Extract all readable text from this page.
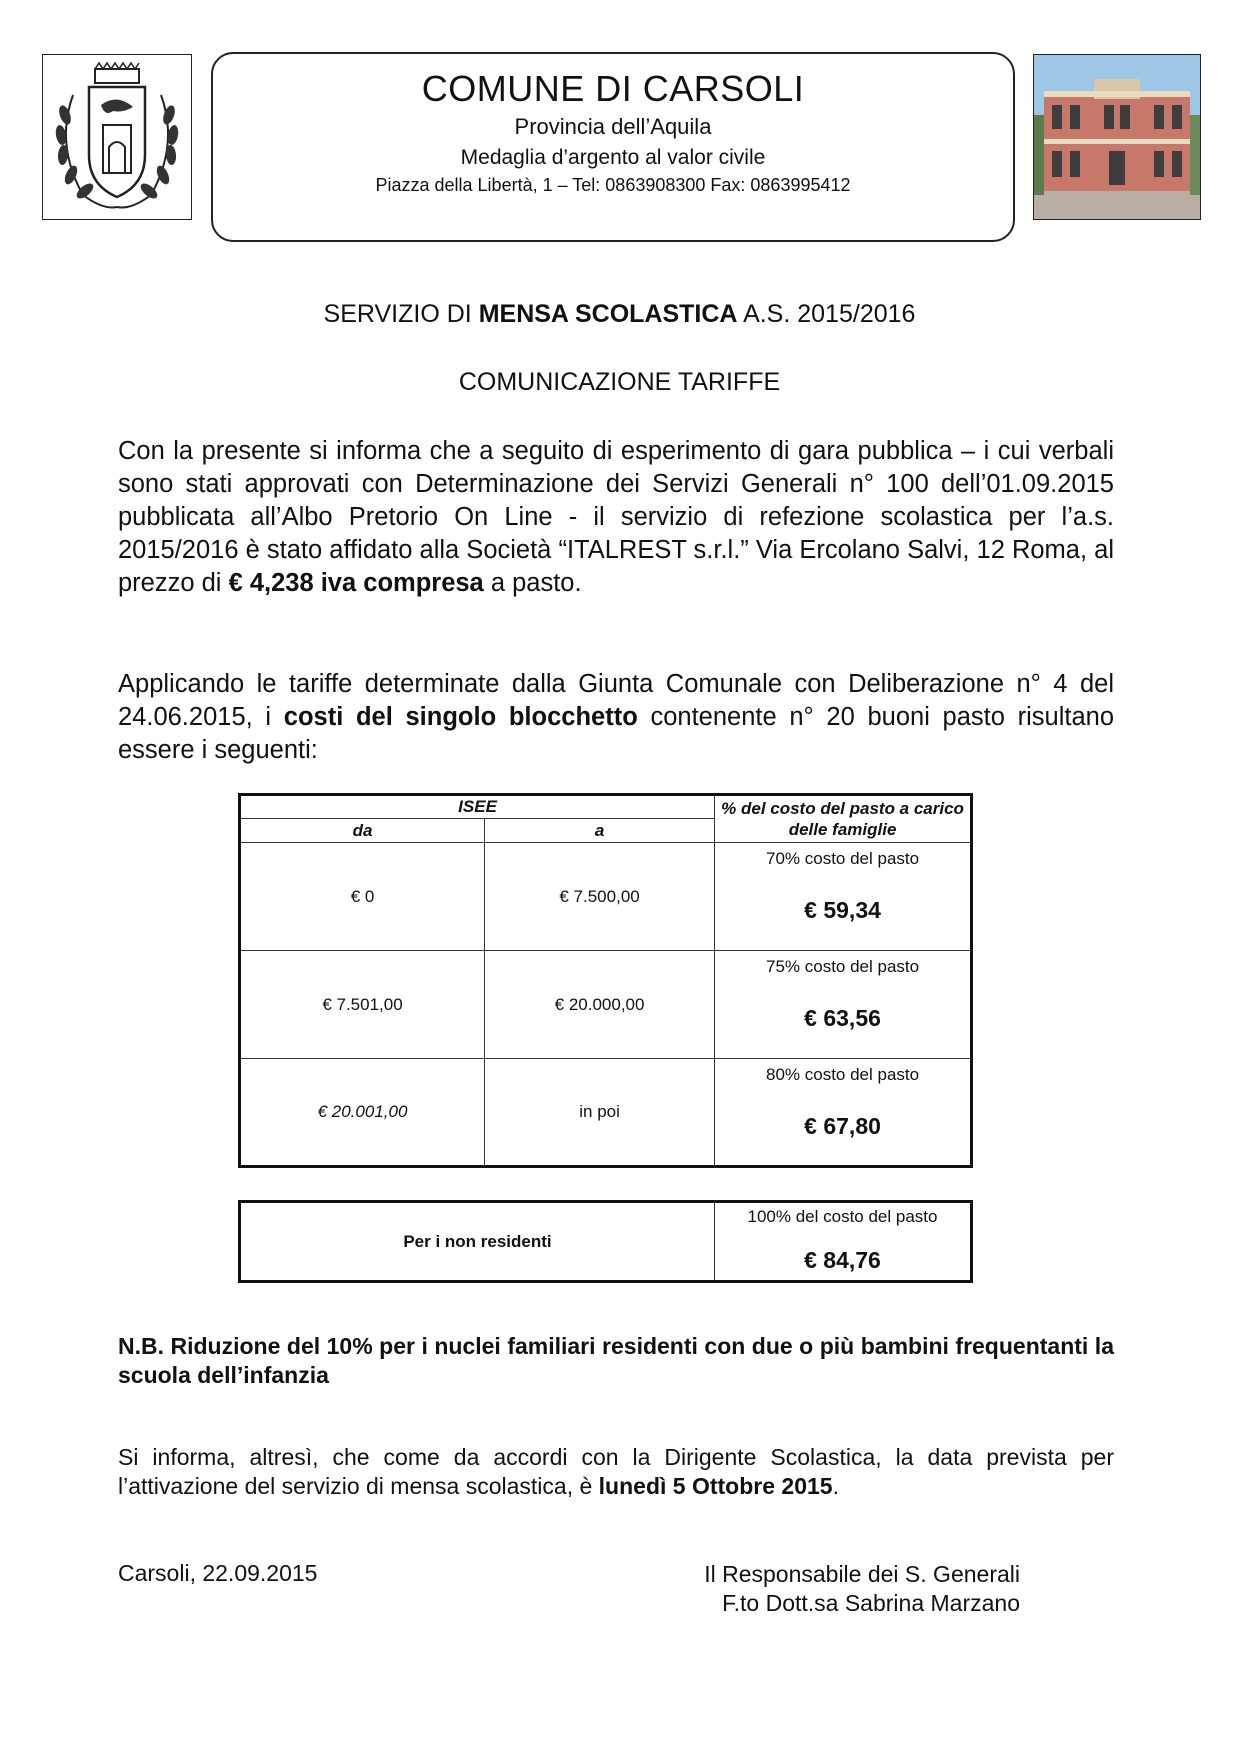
COMUNE DI CARSOLI
Provincia dell’Aquila
Medaglia d’argento al valor civile
Piazza della Libertà, 1 – Tel: 0863908300 Fax: 0863995412
SERVIZIO DI MENSA SCOLASTICA A.S. 2015/2016
COMUNICAZIONE TARIFFE
Con la presente si informa che a seguito di esperimento di gara pubblica – i cui verbali sono stati approvati con Determinazione dei Servizi Generali n° 100 dell’01.09.2015 pubblicata all’Albo Pretorio On Line - il servizio di refezione scolastica per l’a.s. 2015/2016 è stato affidato alla Società “ITALREST s.r.l.” Via Ercolano Salvi, 12 Roma, al prezzo di € 4,238 iva compresa a pasto.
Applicando le tariffe determinate dalla Giunta Comunale con Deliberazione n° 4 del 24.06.2015, i costi del singolo blocchetto contenente n° 20 buoni pasto risultano essere i seguenti:
ISEE		% del costo del pasto a carico delle famiglie
da	a	
€ 0	€ 7.500,00	70% costo del pasto
€ 59,34

€ 7.501,00	€ 20.000,00	75% costo del pasto
€ 63,56

€ 20.001,00	in poi	80% costo del pasto
€ 67,80
Per i non residenti	100% del costo del pasto
€ 84,76
N.B. Riduzione del 10% per i nuclei familiari residenti con due o più bambini frequentanti la scuola dell’infanzia
Si informa, altresì, che come da accordi con la Dirigente Scolastica, la data prevista per l’attivazione del servizio di mensa scolastica, è lunedì 5 Ottobre 2015.
Carsoli, 22.09.2015	Il Responsabile dei S. Generali
F.to Dott.sa Sabrina Marzano
